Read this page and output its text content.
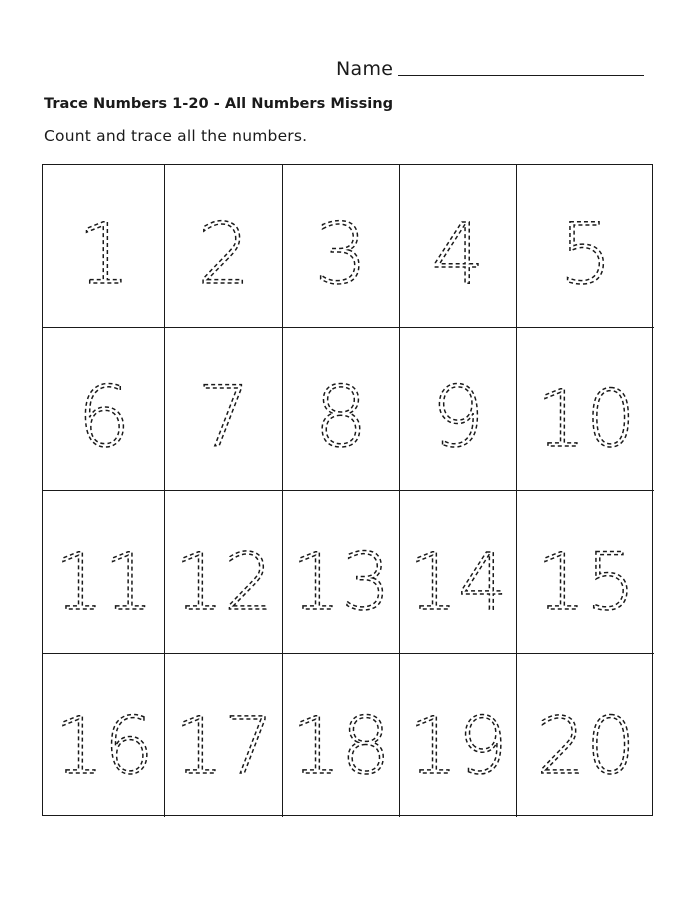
Name
Trace Numbers 1-20 - All Numbers Missing
Count and trace all the numbers.
1 2 3 4 5
6 7 8 9 10
11 12 13 14 15
16 17 18 19 20
